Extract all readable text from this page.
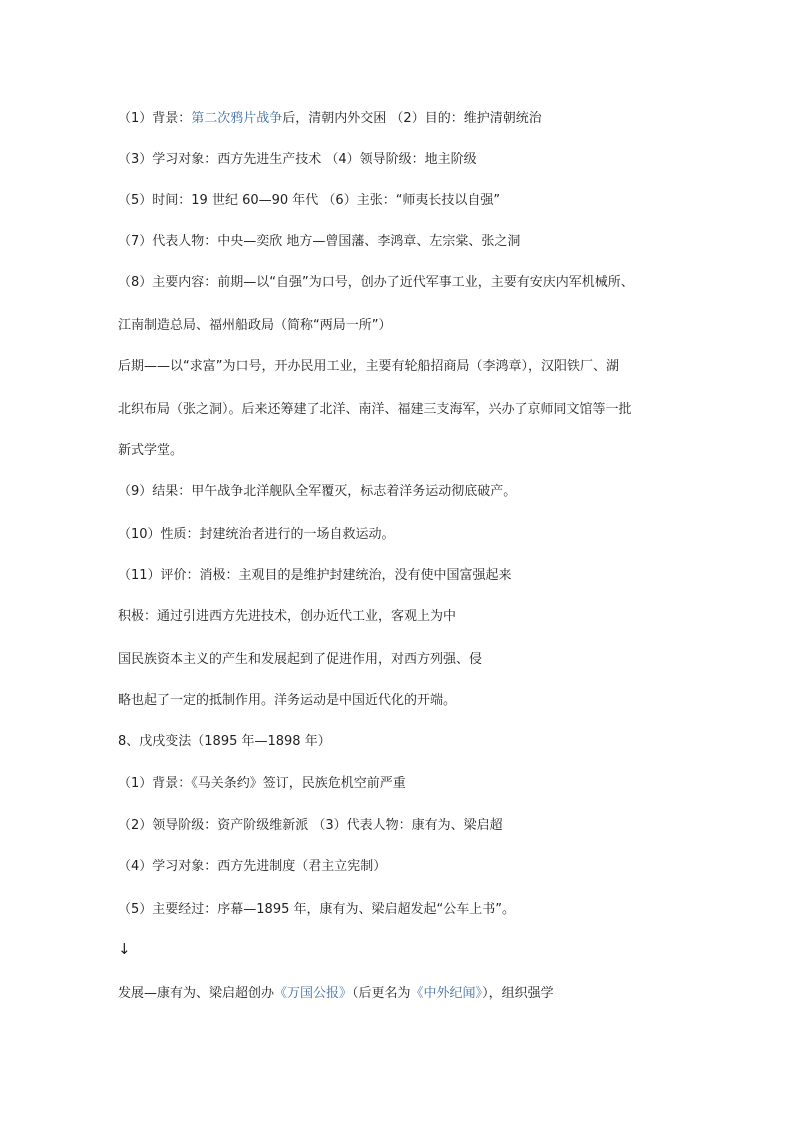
（1）背景：第二次鸦片战争后，清朝内外交困 （2）目的：维护清朝统治
（3）学习对象：西方先进生产技术 （4）领导阶级：地主阶级
（5）时间：19 世纪 60—90 年代 （6）主张：“师夷长技以自强”
（7）代表人物：中央—奕欣 地方—曾国藩、李鸿章、左宗棠、张之洞
（8）主要内容：前期—以“自强”为口号，创办了近代军事工业，主要有安庆内军机械所、
江南制造总局、福州船政局（简称“两局一所”）
后期——以“求富”为口号，开办民用工业，主要有轮船招商局（李鸿章），汉阳铁厂、湖
北织布局（张之洞）。后来还筹建了北洋、南洋、福建三支海军，兴办了京师同文馆等一批
新式学堂。
（9）结果：甲午战争北洋舰队全军覆灭，标志着洋务运动彻底破产。
（10）性质：封建统治者进行的一场自救运动。
（11）评价：消极：主观目的是维护封建统治，没有使中国富强起来
积极：通过引进西方先进技术，创办近代工业，客观上为中
国民族资本主义的产生和发展起到了促进作用，对西方列强、侵
略也起了一定的抵制作用。洋务运动是中国近代化的开端。
8、戊戌变法（1895 年—1898 年）
（1）背景：《马关条约》签订，民族危机空前严重
（2）领导阶级：资产阶级维新派 （3）代表人物：康有为、梁启超
（4）学习对象：西方先进制度（君主立宪制）
（5）主要经过：序幕—1895 年，康有为、梁启超发起“公车上书”。
↓
发展—康有为、梁启超创办《万国公报》（后更名为《中外纪闻》），组织强学
